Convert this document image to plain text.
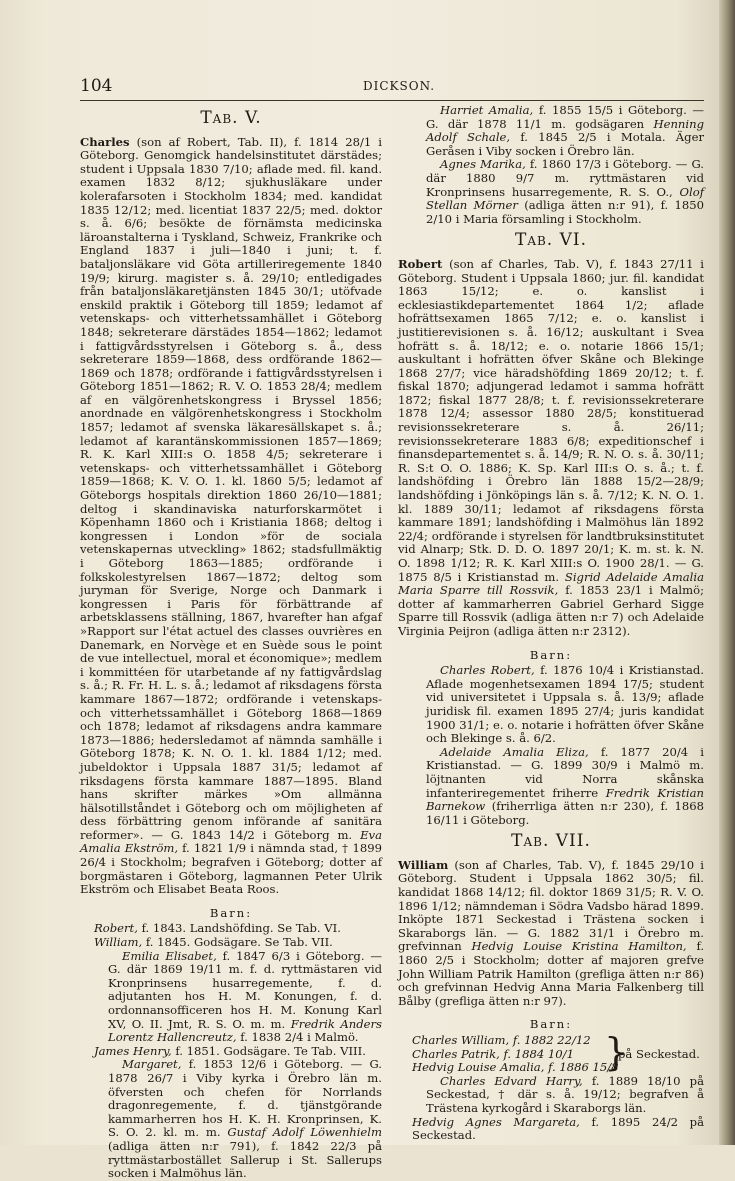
104	DICKSON.
Tab. V.

Charles (son af Robert, Tab. II), f. 1814 28/1 i Göteborg. Genomgick handelsinstitutet därstädes; student i Uppsala 1830 7/10; aflade med. fil. kand. examen 1832 8/12; sjukhusläkare under kolerafarsoten i Stockholm 1834; med. kandidat 1835 12/12; med. licentiat 1837 22/5; med. doktor s. å. 6/6; besökte de förnämsta medicinska läroanstalterna i Tyskland, Schweiz, Frankrike och England 1837 i juli—1840 i juni; t. f. bataljonsläkare vid Göta artilleriregemente 1840 19/9; kirurg. magister s. å. 29/10; entledigades från bataljonsläkaretjänsten 1845 30/1; utöfvade enskild praktik i Göteborg till 1859; ledamot af vetenskaps- och vitterhetssamhället i Göteborg 1848; sekreterare därstädes 1854—1862; ledamot i fattigvårdsstyrelsen i Göteborg s. å., dess sekreterare 1859—1868, dess ordförande 1862—1869 och 1878; ordförande i fattigvårdsstyrelsen i Göteborg 1851—1862; R. V. O. 1853 28/4; medlem af en välgörenhetskongress i Bryssel 1856; anordnade en välgörenhetskongress i Stockholm 1857; ledamot af svenska läkaresällskapet s. å.; ledamot af karantänskommissionen 1857—1869; R. K. Karl XIII:s O. 1858 4/5; sekreterare i vetenskaps- och vitterhetssamhället i Göteborg 1859—1868; K. V. O. 1. kl. 1860 5/5; ledamot af Göteborgs hospitals direktion 1860 26/10—1881; deltog i skandinaviska naturforskarmötet i Köpenhamn 1860 och i Kristiania 1868; deltog i kongressen i London »för de sociala vetenskapernas utveckling» 1862; stadsfullmäktig i Göteborg 1863—1885; ordförande i folkskolestyrelsen 1867—1872; deltog som juryman för Sverige, Norge och Danmark i kongressen i Paris för förbättrande af arbetsklassens ställning, 1867, hvarefter han afgaf »Rapport sur l'état actuel des classes ouvrières en Danemark, en Norvège et en Suède sous le point de vue intellectuel, moral et économique»; medlem i kommittéen för utarbetande af ny fattigvårdslag s. å.; R. Fr. H. L. s. å.; ledamot af riksdagens första kammare 1867—1872; ordförande i vetenskaps- och vitterhetssamhället i Göteborg 1868—1869 och 1878; ledamot af riksdagens andra kammare 1873—1886; hedersledamot af nämnda samhälle i Göteborg 1878; K. N. O. 1. kl. 1884 1/12; med. jubeldoktor i Uppsala 1887 31/5; ledamot af riksdagens första kammare 1887—1895. Bland hans skrifter märkes »Om allmänna hälsotillståndet i Göteborg och om möjligheten af dess förbättring genom införande af sanitära reformer». — G. 1843 14/2 i Göteborg m. Eva Amalia Ekström, f. 1821 1/9 i nämnda stad, † 1899 26/4 i Stockholm; begrafven i Göteborg; dotter af borgmästaren i Göteborg, lagmannen Peter Ulrik Ekström och Elisabet Beata Roos.

Barn:

Robert, f. 1843. Landshöfding. Se Tab. VI.

William, f. 1845. Godsägare. Se Tab. VII.

Emilia Elisabet, f. 1847 6/3 i Göteborg. — G. där 1869 19/11 m. f. d. ryttmästaren vid Kronprinsens husarregemente, f. d. adjutanten hos H. M. Konungen, f. d. ordonnansofficeren hos H. M. Konung Karl XV, O. II. Jmt, R. S. O. m. m. Fredrik Anders Lorentz Hallencreutz, f. 1838 2/4 i Malmö.

James Henry, f. 1851. Godsägare. Te Tab. VIII.

Margaret, f. 1853 12/6 i Göteborg. — G. 1878 26/7 i Viby kyrka i Örebro län m. öfversten och chefen för Norrlands dragonregemente, f. d. tjänstgörande kammarherren hos H. K. H. Kronprinsen, K. S. O. 2. kl. m. m. Gustaf Adolf Löwenhielm (adliga ätten n:r 791), f. 1842 22/3 på ryttmästarbostället Sallerup i St. Sallerups socken i Malmöhus län.

Harriet Amalia, f. 1855 15/5 i Göteborg. — G. där 1878 11/1 m. godsägaren Henning Adolf Schale, f. 1845 2/5 i Motala. Äger Geråsen i Viby socken i Örebro län.

Agnes Marika, f. 1860 17/3 i Göteborg. — G. där 1880 9/7 m. ryttmästaren vid Kronprinsens husarregemente, R. S. O., Olof Stellan Mörner (adliga ätten n:r 91), f. 1850 2/10 i Maria församling i Stockholm.

Tab. VI.

Robert (son af Charles, Tab. V), f. 1843 27/11 i Göteborg. Student i Uppsala 1860; jur. fil. kandidat 1863 15/12; e. o. kanslist i ecklesiastikdepartementet 1864 1/2; aflade hofrättsexamen 1865 7/12; e. o. kanslist i justitierevisionen s. å. 16/12; auskultant i Svea hofrätt s. å. 18/12; e. o. notarie 1866 15/1; auskultant i hofrätten öfver Skåne och Blekinge 1868 27/7; vice häradshöfding 1869 20/12; t. f. fiskal 1870; adjungerad ledamot i samma hofrätt 1872; fiskal 1877 28/8; t. f. revisionssekreterare 1878 12/4; assessor 1880 28/5; konstituerad revisionssekreterare s. å. 26/11; revisionssekreterare 1883 6/8; expeditionschef i finansdepartementet s. å. 14/9; R. N. O. s. å. 30/11; R. S:t O. O. 1886; K. Sp. Karl III:s O. s. å.; t. f. landshöfding i Örebro län 1888 15/2—28/9; landshöfding i Jönköpings län s. å. 7/12; K. N. O. 1. kl. 1889 30/11; ledamot af riksdagens första kammare 1891; landshöfding i Malmöhus län 1892 22/4; ordförande i styrelsen för landtbruksinstitutet vid Alnarp; Stk. D. D. O. 1897 20/1; K. m. st. k. N. O. 1898 1/12; R. K. Karl XIII:s O. 1900 28/1. — G. 1875 8/5 i Kristianstad m. Sigrid Adelaide Amalia Maria Sparre till Rossvik, f. 1853 23/1 i Malmö; dotter af kammarherren Gabriel Gerhard Sigge Sparre till Rossvik (adliga ätten n:r 7) och Adelaide Virginia Peijron (adliga ätten n:r 2312).

Barn:

Charles Robert, f. 1876 10/4 i Kristianstad. Aflade mogenhetsexamen 1894 17/5; student vid universitetet i Uppsala s. å. 13/9; aflade juridisk fil. examen 1895 27/4; juris kandidat 1900 31/1; e. o. notarie i hofrätten öfver Skåne och Blekinge s. å. 6/2.

Adelaide Amalia Eliza, f. 1877 20/4 i Kristianstad. — G. 1899 30/9 i Malmö m. löjtnanten vid Norra skånska infanteriregementet friherre Fredrik Kristian Barnekow (friherrliga ätten n:r 230), f. 1868 16/11 i Göteborg.

Tab. VII.

William (son af Charles, Tab. V), f. 1845 29/10 i Göteborg. Student i Uppsala 1862 30/5; fil. kandidat 1868 14/12; fil. doktor 1869 31/5; R. V. O. 1896 1/12; nämndeman i Södra Vadsbo härad 1899. Inköpte 1871 Seckestad i Trästena socken i Skaraborgs län. — G. 1882 31/1 i Örebro m. grefvinnan Hedvig Louise Kristina Hamilton, f. 1860 2/5 i Stockholm; dotter af majoren grefve John William Patrik Hamilton (grefliga ätten n:r 86) och grefvinnan Hedvig Anna Maria Falkenberg till Bålby (grefliga ätten n:r 97).

Barn:

Charles William, f. 1882 22/12

Charles Patrik, f. 1884 10/1

Hedvig Louise Amalia, f. 1886 15/8

}
på Seckestad.

Charles Edvard Harry, f. 1889 18/10 på Seckestad, † där s. å. 19/12; begrafven å Trästena kyrkogård i Skaraborgs län.

Hedvig Agnes Margareta, f. 1895 24/2 på Seckestad.
